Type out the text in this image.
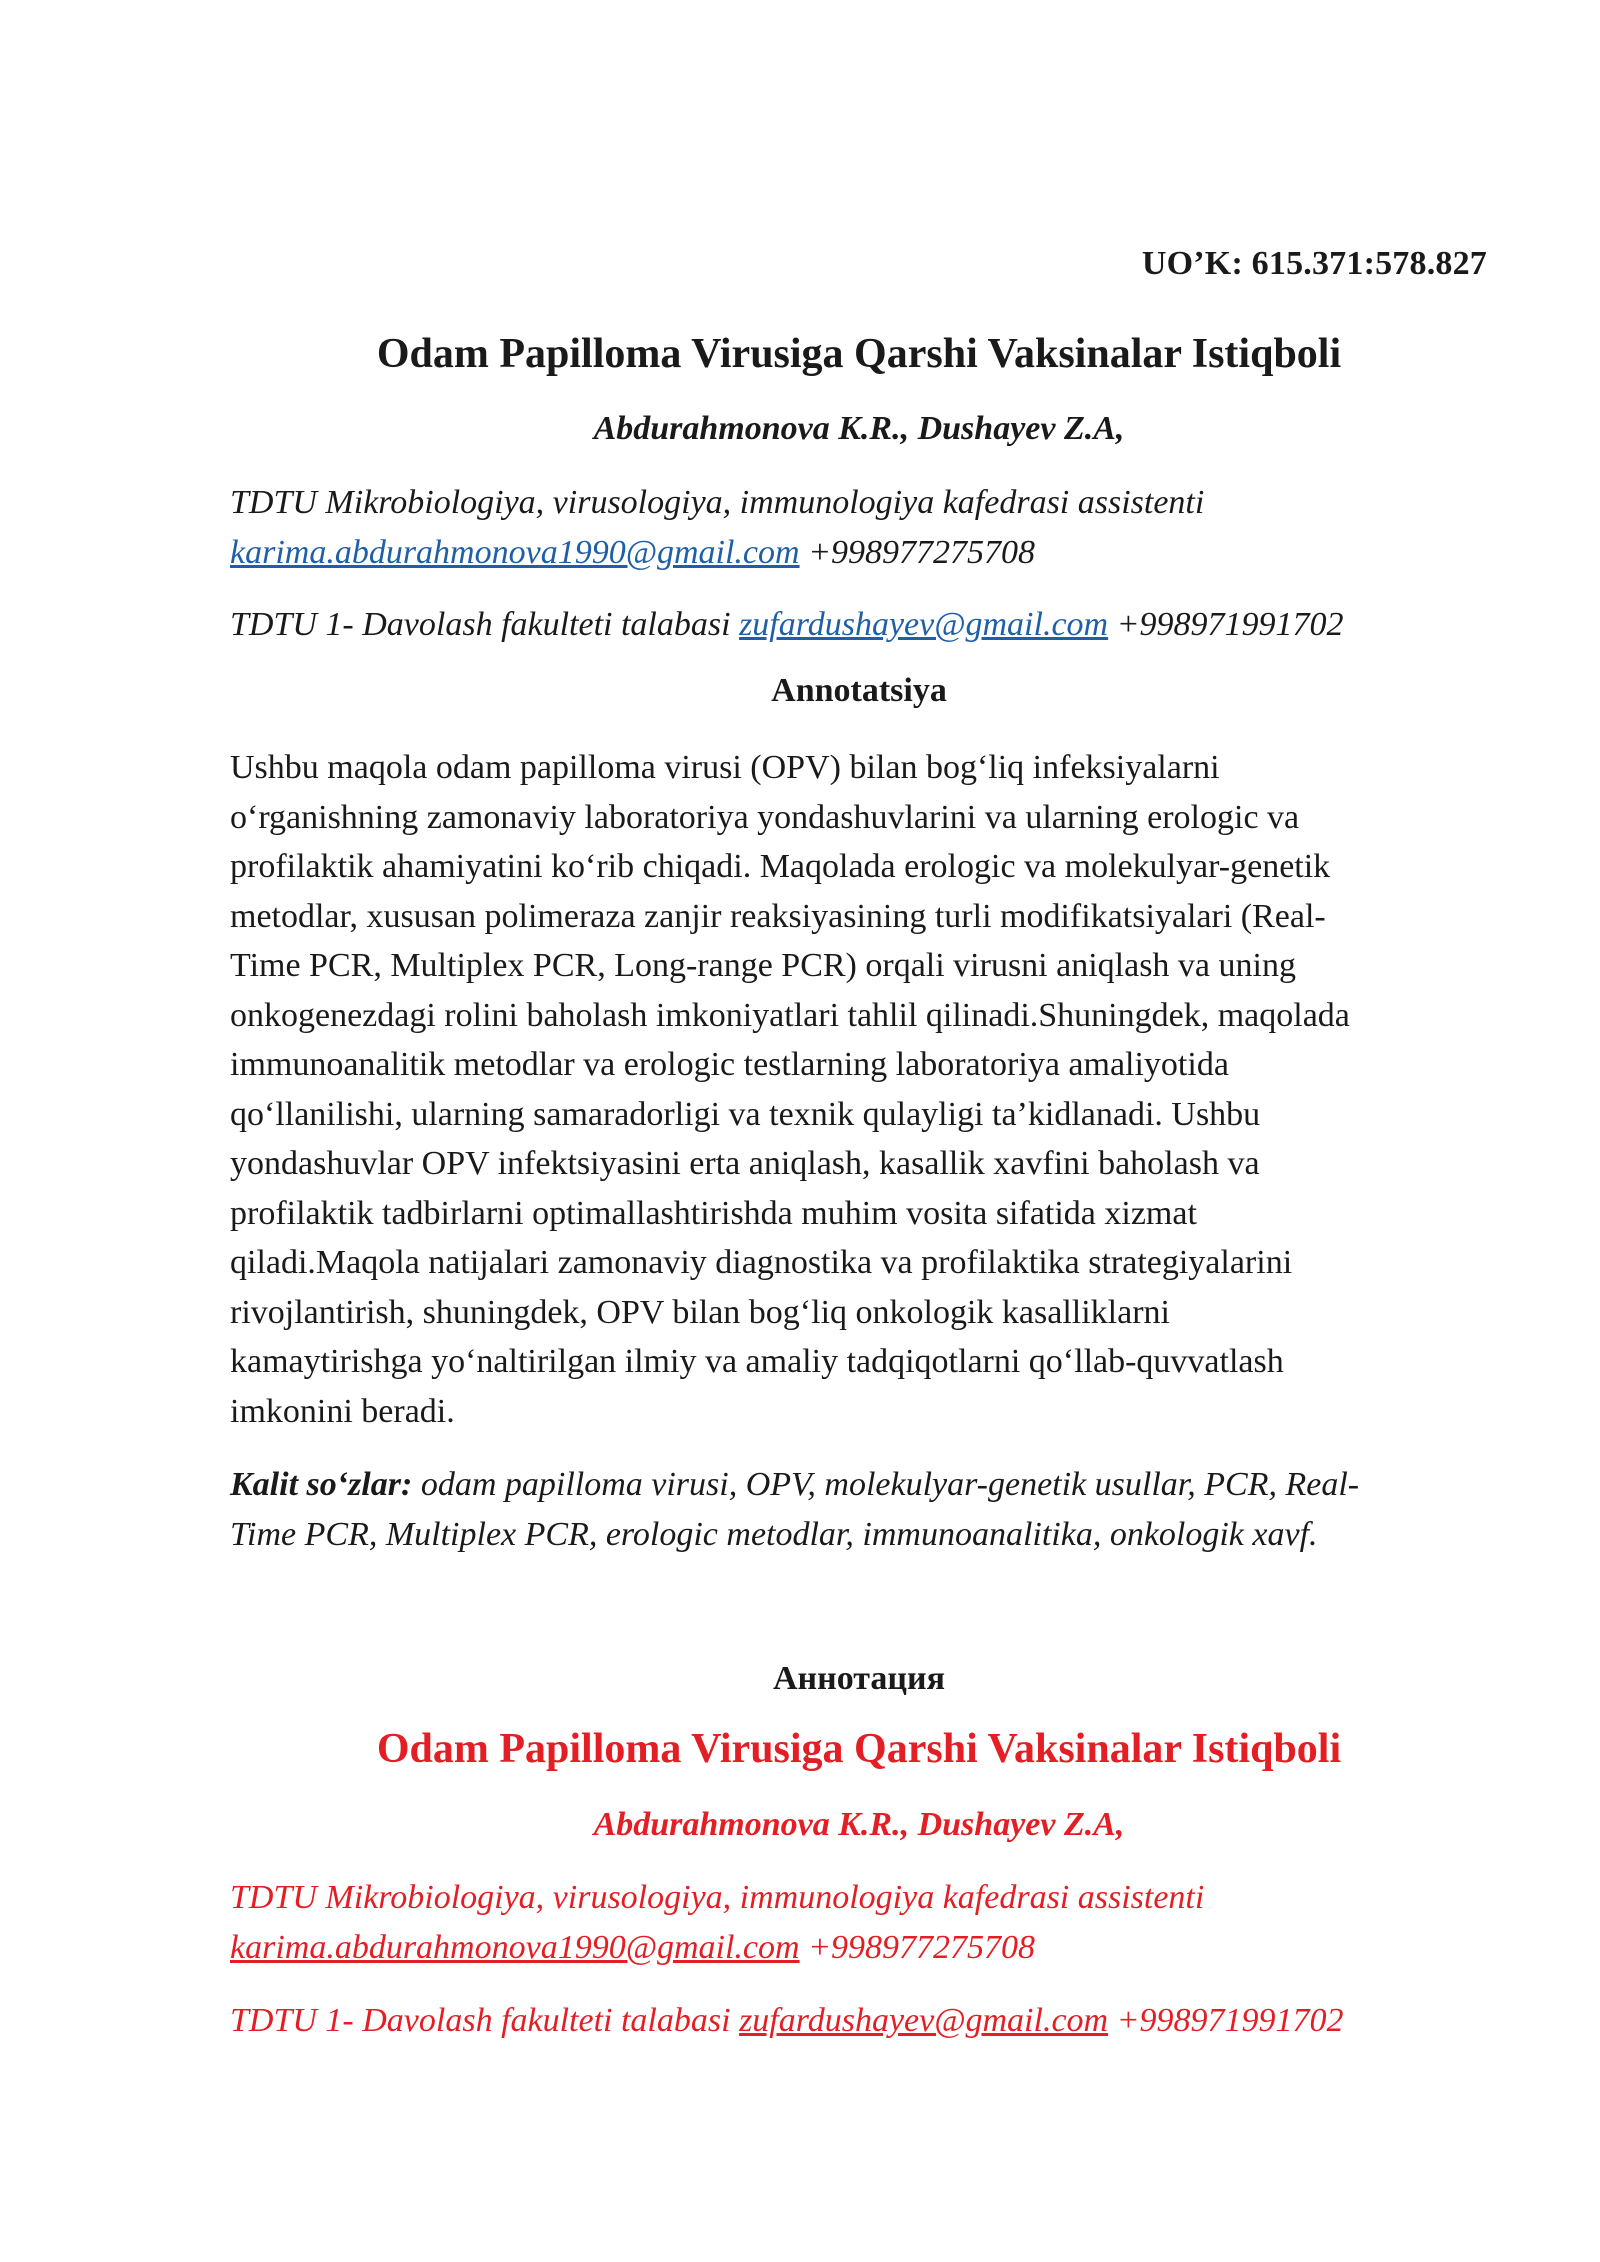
UO’K: 615.371:578.827

Odam Papilloma Virusiga Qarshi Vaksinalar Istiqboli

Abdurahmonova K.R., Dushayev Z.A,

TDTU Mikrobiologiya, virusologiya, immunologiya kafedrasi assistenti
karima.abdurahmonova1990@gmail.com +998977275708

TDTU 1- Davolash fakulteti talabasi zufardushayev@gmail.com +998971991702

Annotatsiya

Ushbu maqola odam papilloma virusi (OPV) bilan bog‘liq infeksiyalarni
o‘rganishning zamonaviy laboratoriya yondashuvlarini va ularning erologic va
profilaktik ahamiyatini ko‘rib chiqadi. Maqolada erologic va molekulyar-genetik
metodlar, xususan polimeraza zanjir reaksiyasining turli modifikatsiyalari (Real-
Time PCR, Multiplex PCR, Long-range PCR) orqali virusni aniqlash va uning
onkogenezdagi rolini baholash imkoniyatlari tahlil qilinadi.Shuningdek, maqolada
immunoanalitik metodlar va erologic testlarning laboratoriya amaliyotida
qo‘llanilishi, ularning samaradorligi va texnik qulayligi ta’kidlanadi. Ushbu
yondashuvlar OPV infektsiyasini erta aniqlash, kasallik xavfini baholash va
profilaktik tadbirlarni optimallashtirishda muhim vosita sifatida xizmat
qiladi.Maqola natijalari zamonaviy diagnostika va profilaktika strategiyalarini
rivojlantirish, shuningdek, OPV bilan bog‘liq onkologik kasalliklarni
kamaytirishga yo‘naltirilgan ilmiy va amaliy tadqiqotlarni qo‘llab-quvvatlash
imkonini beradi.

Kalit so‘zlar: odam papilloma virusi, OPV, molekulyar-genetik usullar, PCR, Real-
Time PCR, Multiplex PCR, erologic metodlar, immunoanalitika, onkologik xavf.

Аннотация

Odam Papilloma Virusiga Qarshi Vaksinalar Istiqboli

Abdurahmonova K.R., Dushayev Z.A,

TDTU Mikrobiologiya, virusologiya, immunologiya kafedrasi assistenti
karima.abdurahmonova1990@gmail.com +998977275708

TDTU 1- Davolash fakulteti talabasi zufardushayev@gmail.com +998971991702
